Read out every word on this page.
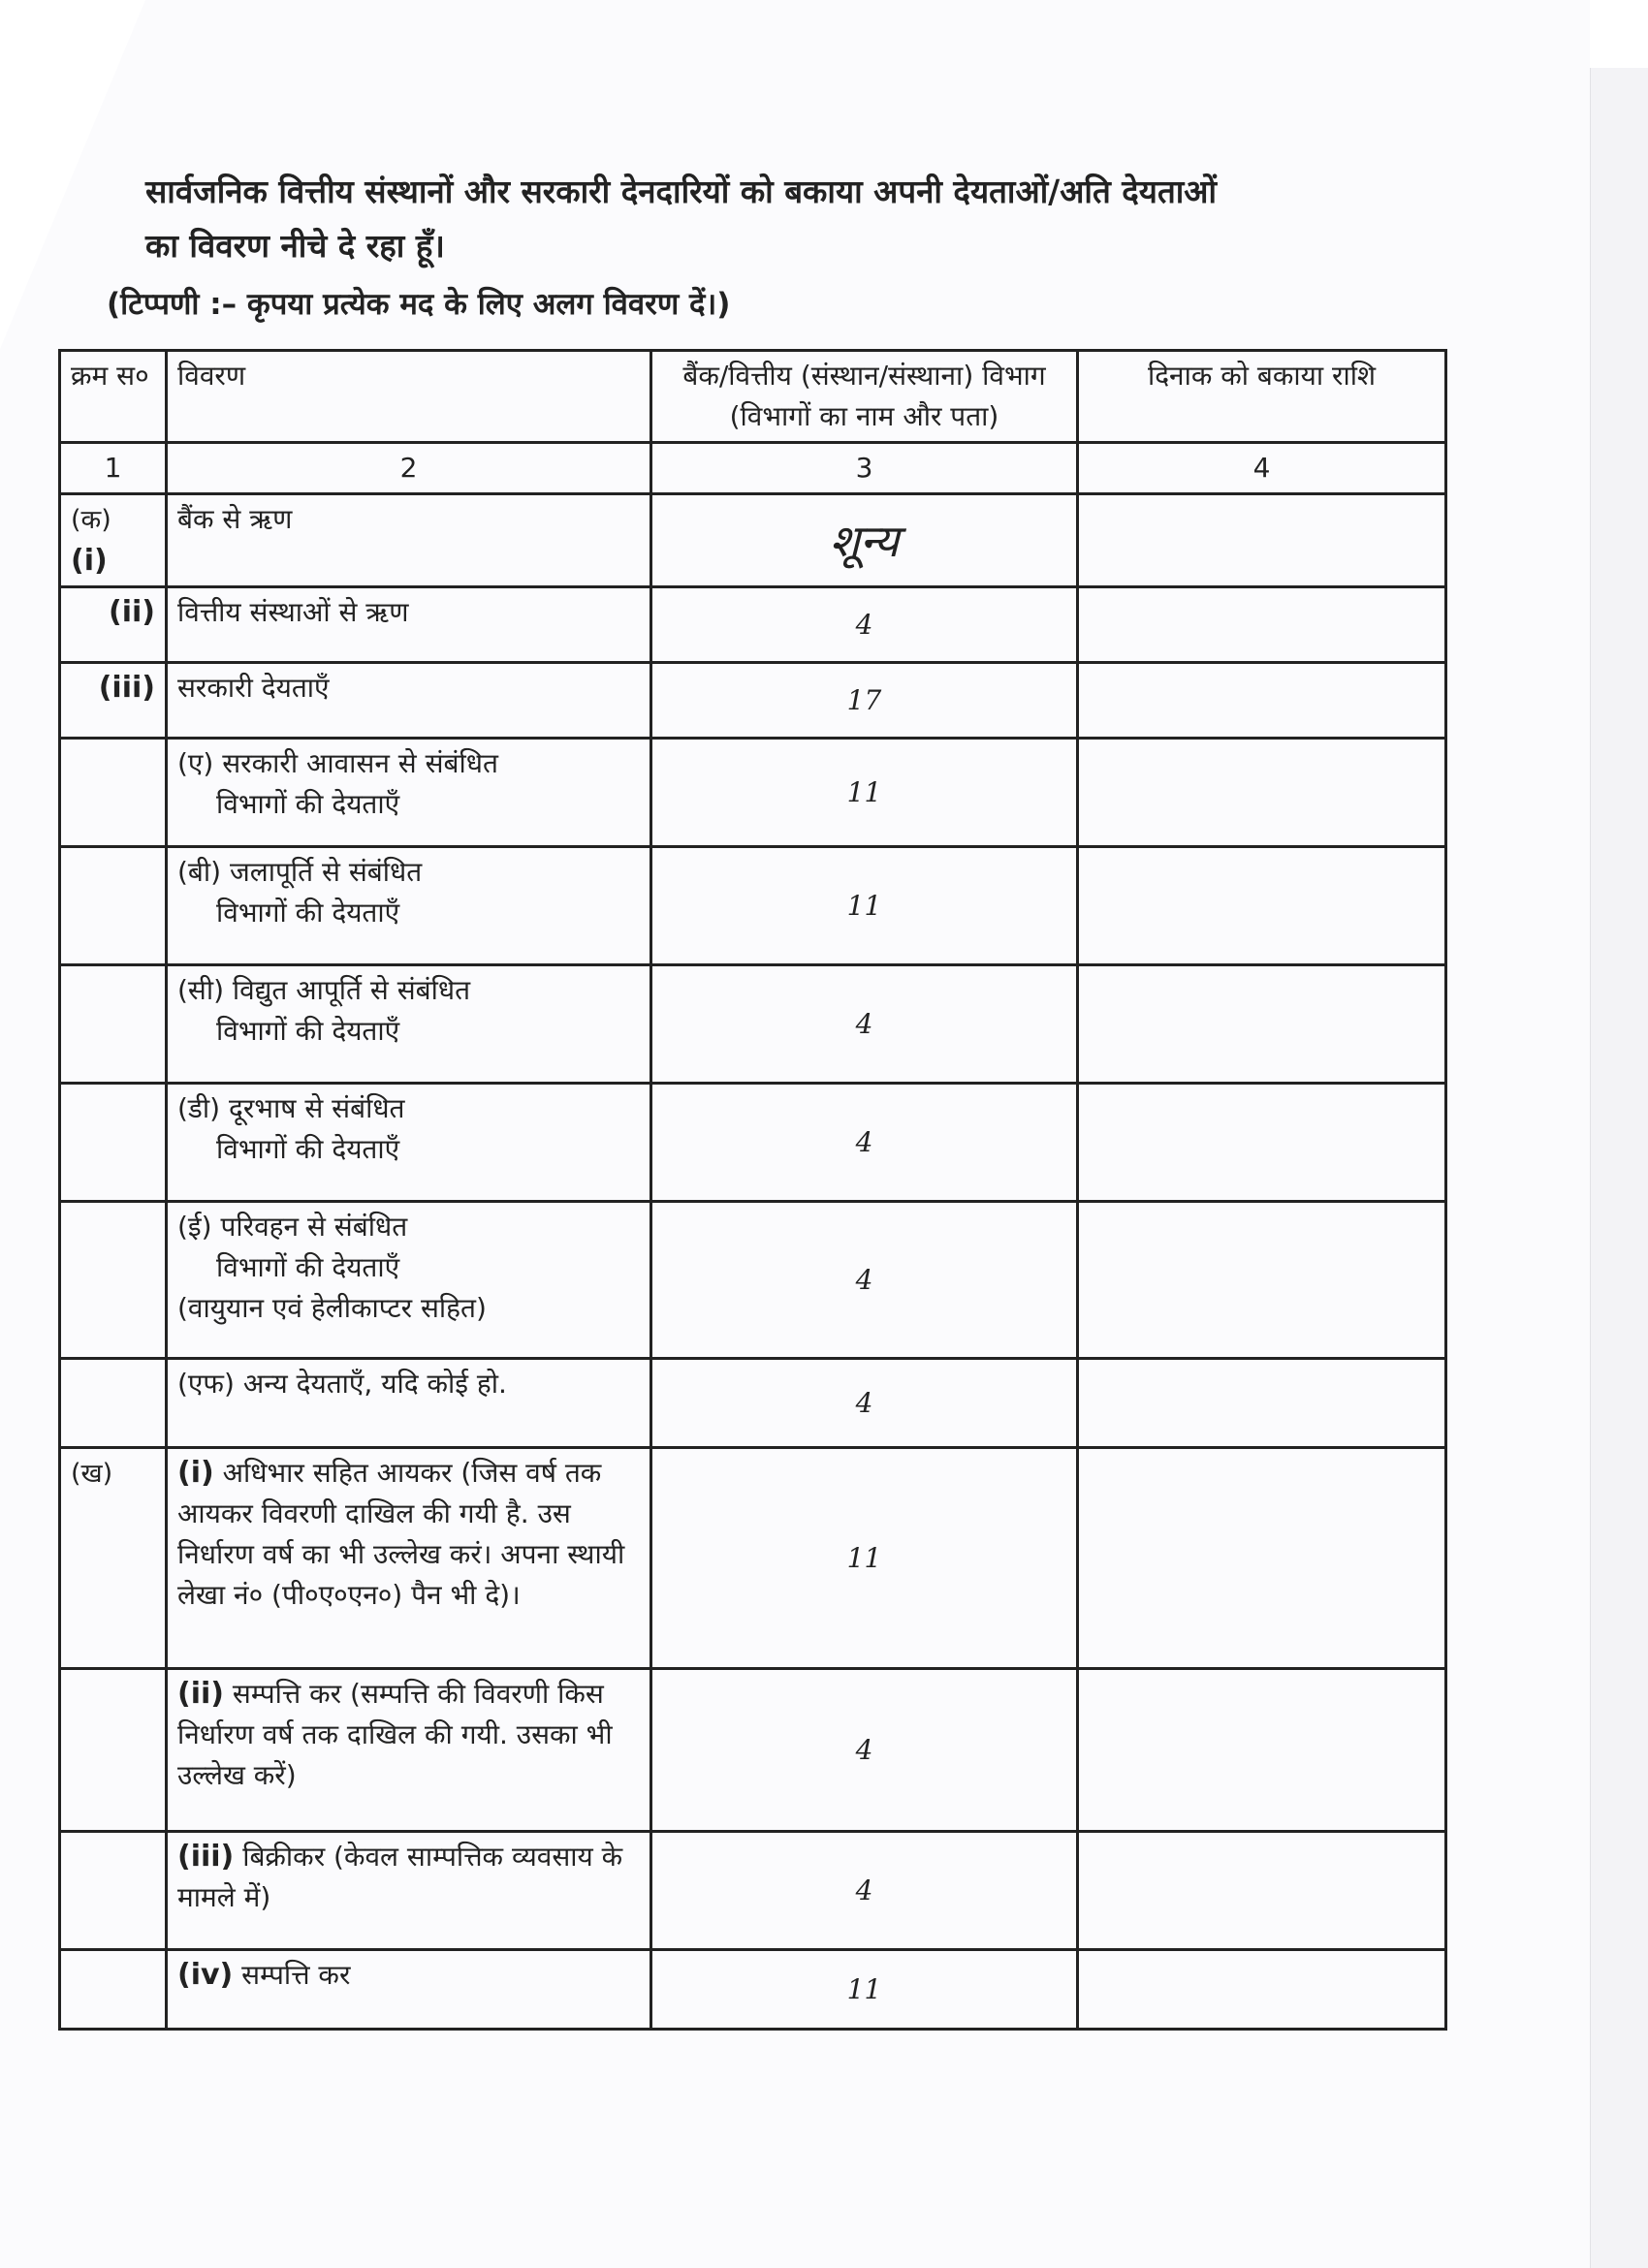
सार्वजनिक वित्तीय संस्थानों और सरकारी देनदारियों को बकाया अपनी देयताओं/अति देयताओं
का विवरण नीचे दे रहा हूँ।
(टिप्पणी :– कृपया प्रत्येक मद के लिए अलग विवरण दें।)
क्रम स०	विवरण	बैंक/वित्तीय (संस्थान/संस्थाना) विभाग (विभागों का नाम और पता)	दिनाक को बकाया राशि
1	2	3	4
(क) (i)	बैंक से ऋण	शून्य	
(ii)	वित्तीय संस्थाओं से ऋण	4	
(iii)	सरकारी देयताएँ	17	
	(ए) सरकारी आवासन से संबंधित
विभागों की देयताएँ	11	
	(बी) जलापूर्ति से संबंधित
विभागों की देयताएँ	11	
	(सी) विद्युत आपूर्ति से संबंधित
विभागों की देयताएँ	4	
	(डी) दूरभाष से संबंधित
विभागों की देयताएँ	4	
	(ई) परिवहन से संबंधित
विभागों की देयताएँ
(वायुयान एवं हेलीकाप्टर सहित)	4	
	(एफ) अन्य देयताएँ, यदि कोई हो.	4	
(ख)	(i) अधिभार सहित आयकर (जिस वर्ष तक आयकर विवरणी दाखिल की गयी है. उस निर्धारण वर्ष का भी उल्लेख करं। अपना स्थायी लेखा नं० (पी०ए०एन०) पैन भी दे)।	11	
	(ii) सम्पत्ति कर (सम्पत्ति की विवरणी किस निर्धारण वर्ष तक दाखिल की गयी. उसका भी उल्लेख करें)	4	
	(iii) बिक्रीकर (केवल साम्पत्तिक व्यवसाय के मामले में)	4	
	(iv) सम्पत्ति कर	11	
